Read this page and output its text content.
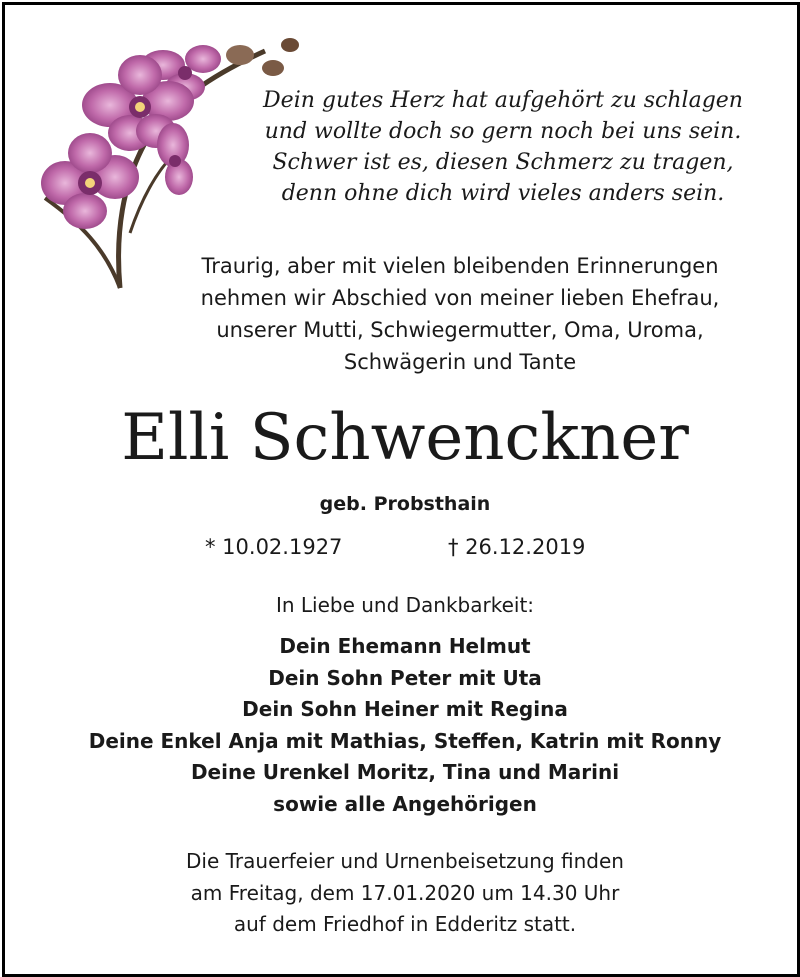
Dein gutes Herz hat aufgehört zu schlagen
und wollte doch so gern noch bei uns sein.
Schwer ist es, diesen Schmerz zu tragen,
denn ohne dich wird vieles anders sein.
Traurig, aber mit vielen bleibenden Erinnerungen
nehmen wir Abschied von meiner lieben Ehefrau,
unserer Mutti, Schwiegermutter, Oma, Uroma,
Schwägerin und Tante
Elli Schwenckner
geb. Probsthain
* 10.02.1927	† 26.12.2019
In Liebe und Dankbarkeit:
Dein Ehemann Helmut
Dein Sohn Peter mit Uta
Dein Sohn Heiner mit Regina
Deine Enkel Anja mit Mathias, Steffen, Katrin mit Ronny
Deine Urenkel Moritz, Tina und Marini
sowie alle Angehörigen
Die Trauerfeier und Urnenbeisetzung finden
am Freitag, dem 17.01.2020 um 14.30 Uhr
auf dem Friedhof in Edderitz statt.
